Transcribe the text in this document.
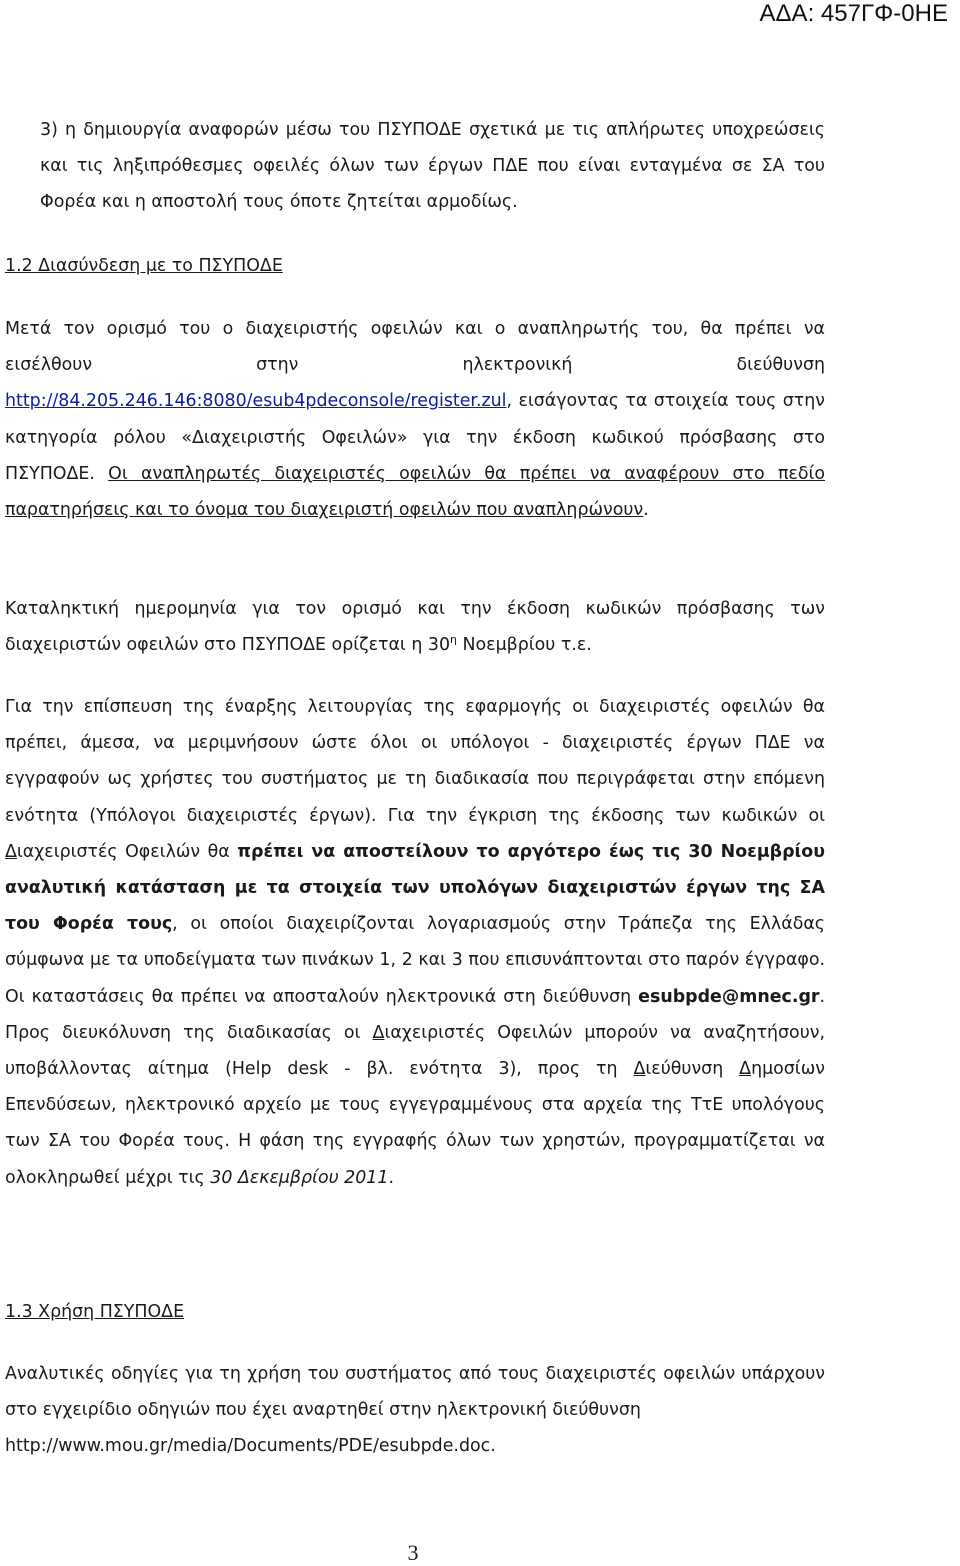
ΑΔΑ: 457ΓΦ-0ΗΕ

3) η δημιουργία αναφορών μέσω του ΠΣΥΠΟΔΕ σχετικά με τις απλήρωτες υποχρεώσεις και τις ληξιπρόθεσμες οφειλές όλων των έργων ΠΔΕ που είναι ενταγμένα σε ΣΑ του Φορέα και η αποστολή τους όποτε ζητείται αρμοδίως.

1.2 Διασύνδεση με το ΠΣΥΠΟΔΕ

Μετά τον ορισμό του ο διαχειριστής οφειλών και ο αναπληρωτής του, θα πρέπει να εισέλθουν στην ηλεκτρονική διεύθυνση http://84.205.246.146:8080/esub4pdeconsole/register.zul, εισάγοντας τα στοιχεία τους στην κατηγορία ρόλου «Διαχειριστής Οφειλών» για την έκδοση κωδικού πρόσβασης στο ΠΣΥΠΟΔΕ. Οι αναπληρωτές διαχειριστές οφειλών θα πρέπει να αναφέρουν στο πεδίο παρατηρήσεις και το όνομα του διαχειριστή οφειλών που αναπληρώνουν.

Καταληκτική ημερομηνία για τον ορισμό και την έκδοση κωδικών πρόσβασης των διαχειριστών οφειλών στο ΠΣΥΠΟΔΕ ορίζεται η $30^\eta$ Νοεμβρίου τ.ε.

Για την επίσπευση της έναρξης λειτουργίας της εφαρμογής οι διαχειριστές οφειλών θα πρέπει, άμεσα, να μεριμνήσουν ώστε όλοι οι υπόλογοι - διαχειριστές έργων ΠΔΕ να εγγραφούν ως χρήστες του συστήματος με τη διαδικασία που περιγράφεται στην επόμενη ενότητα (Υπόλογοι διαχειριστές έργων). Για την έγκριση της έκδοσης των κωδικών οι Διαχειριστές Οφειλών θα πρέπει να αποστείλουν το αργότερο έως τις 30 Νοεμβρίου αναλυτική κατάσταση με τα στοιχεία των υπολόγων διαχειριστών έργων της ΣΑ του Φορέα τους, οι οποίοι διαχειρίζονται λογαριασμούς στην Τράπεζα της Ελλάδας σύμφωνα με τα υποδείγματα των πινάκων 1, 2 και 3 που επισυνάπτονται στο παρόν έγγραφο. Οι καταστάσεις θα πρέπει να αποσταλούν ηλεκτρονικά στη διεύθυνση esubpde@mnec.gr. Προς διευκόλυνση της διαδικασίας οι Διαχειριστές Οφειλών μπορούν να αναζητήσουν, υποβάλλοντας αίτημα (Help desk - βλ. ενότητα 3), προς τη Διεύθυνση Δημοσίων Επενδύσεων, ηλεκτρονικό αρχείο με τους εγγεγραμμένους στα αρχεία της ΤτΕ υπολόγους των ΣΑ του Φορέα τους. Η φάση της εγγραφής όλων των χρηστών, προγραμματίζεται να ολοκληρωθεί μέχρι τις 30 Δεκεμβρίου 2011.

1.3 Χρήση ΠΣΥΠΟΔΕ

Αναλυτικές οδηγίες για τη χρήση του συστήματος από τους διαχειριστές οφειλών υπάρχουν στο εγχειρίδιο οδηγιών που έχει αναρτηθεί στην ηλεκτρονική διεύθυνση
http://www.mou.gr/media/Documents/PDE/esubpde.doc.

3
